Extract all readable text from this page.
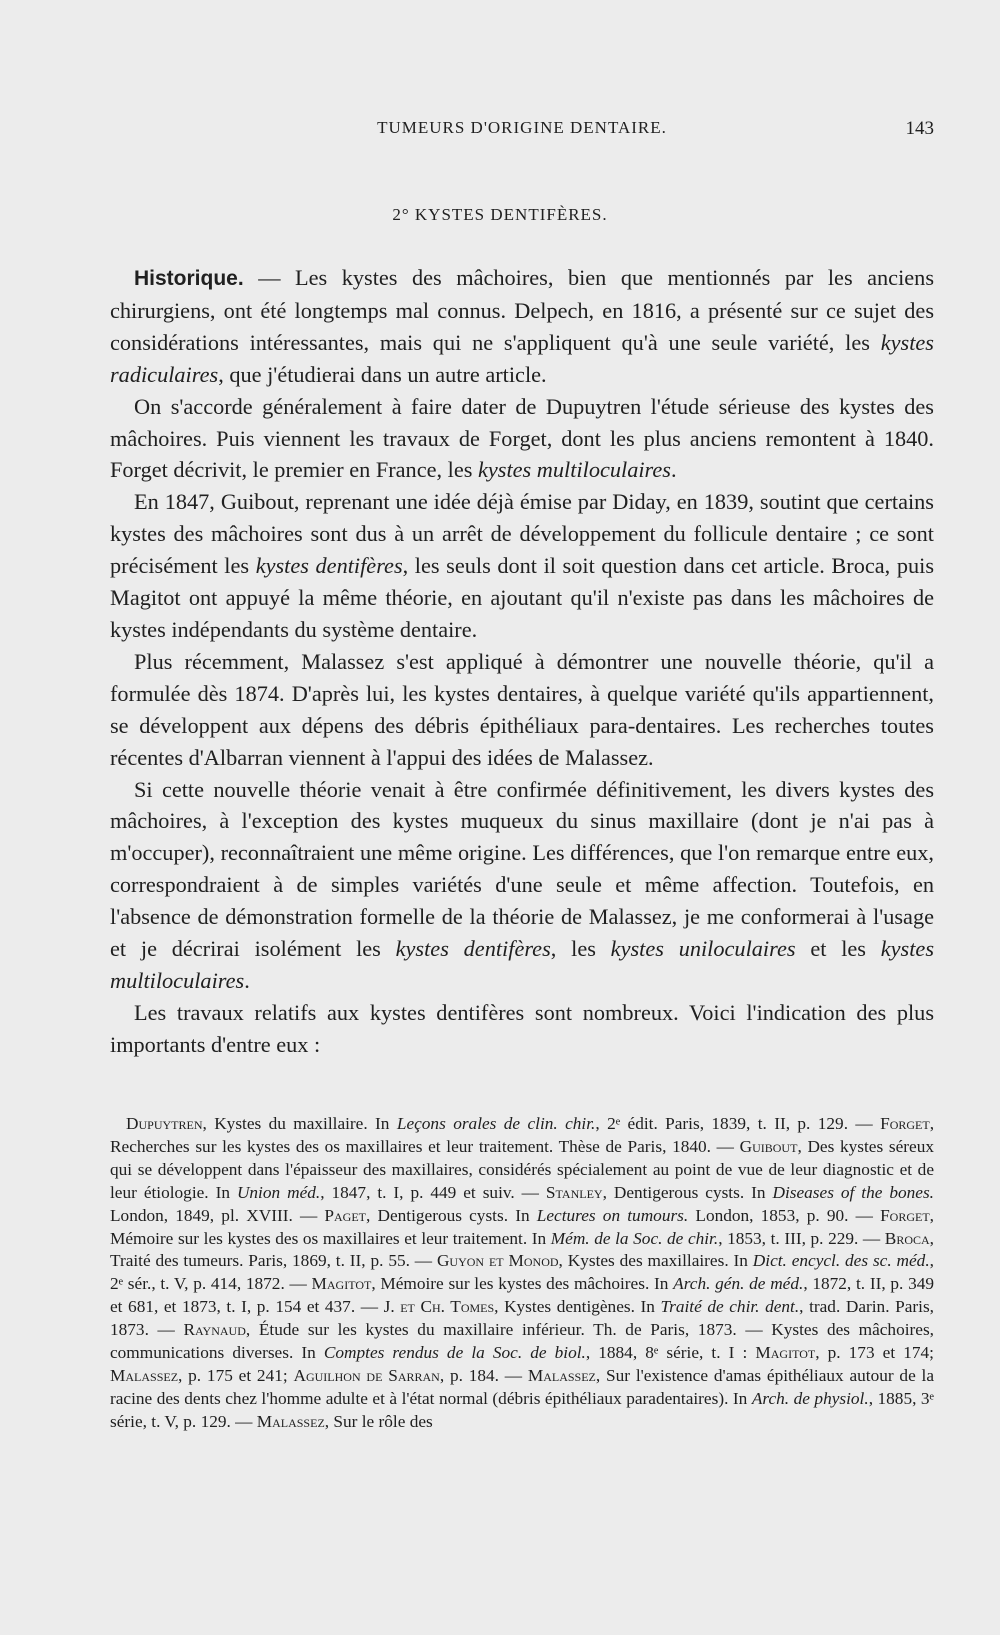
TUMEURS D'ORIGINE DENTAIRE.	143
2° KYSTES DENTIFÈRES.

Historique. — Les kystes des mâchoires, bien que mentionnés par les anciens chirurgiens, ont été longtemps mal connus. Delpech, en 1816, a présenté sur ce sujet des considérations intéressantes, mais qui ne s'appliquent qu'à une seule variété, les kystes radiculaires, que j'étudierai dans un autre article.

On s'accorde généralement à faire dater de Dupuytren l'étude sérieuse des kystes des mâchoires. Puis viennent les travaux de Forget, dont les plus anciens remontent à 1840. Forget décrivit, le premier en France, les kystes multiloculaires.

En 1847, Guibout, reprenant une idée déjà émise par Diday, en 1839, soutint que certains kystes des mâchoires sont dus à un arrêt de développement du follicule dentaire ; ce sont précisément les kystes dentifères, les seuls dont il soit question dans cet article. Broca, puis Magitot ont appuyé la même théorie, en ajoutant qu'il n'existe pas dans les mâchoires de kystes indépendants du système dentaire.

Plus récemment, Malassez s'est appliqué à démontrer une nouvelle théorie, qu'il a formulée dès 1874. D'après lui, les kystes dentaires, à quelque variété qu'ils appartiennent, se développent aux dépens des débris épithéliaux para-dentaires. Les recherches toutes récentes d'Albarran viennent à l'appui des idées de Malassez.

Si cette nouvelle théorie venait à être confirmée définitivement, les divers kystes des mâchoires, à l'exception des kystes muqueux du sinus maxillaire (dont je n'ai pas à m'occuper), reconnaîtraient une même origine. Les différences, que l'on remarque entre eux, correspondraient à de simples variétés d'une seule et même affection. Toutefois, en l'absence de démonstration formelle de la théorie de Malassez, je me conformerai à l'usage et je décrirai isolément les kystes dentifères, les kystes uniloculaires et les kystes multiloculaires.

Les travaux relatifs aux kystes dentifères sont nombreux. Voici l'indication des plus importants d'entre eux :

Dupuytren, Kystes du maxillaire. In Leçons orales de clin. chir., 2ᵉ édit. Paris, 1839, t. II, p. 129. — Forget, Recherches sur les kystes des os maxillaires et leur traitement. Thèse de Paris, 1840. — Guibout, Des kystes séreux qui se développent dans l'épaisseur des maxillaires, considérés spécialement au point de vue de leur diagnostic et de leur étiologie. In Union méd., 1847, t. I, p. 449 et suiv. — Stanley, Dentigerous cysts. In Diseases of the bones. London, 1849, pl. XVIII. — Paget, Dentigerous cysts. In Lectures on tumours. London, 1853, p. 90. — Forget, Mémoire sur les kystes des os maxillaires et leur traitement. In Mém. de la Soc. de chir., 1853, t. III, p. 229. — Broca, Traité des tumeurs. Paris, 1869, t. II, p. 55. — Guyon et Monod, Kystes des maxillaires. In Dict. encycl. des sc. méd., 2ᵉ sér., t. V, p. 414, 1872. — Magitot, Mémoire sur les kystes des mâchoires. In Arch. gén. de méd., 1872, t. II, p. 349 et 681, et 1873, t. I, p. 154 et 437. — J. et Ch. Tomes, Kystes dentigènes. In Traité de chir. dent., trad. Darin. Paris, 1873. — Raynaud, Étude sur les kystes du maxillaire inférieur. Th. de Paris, 1873. — Kystes des mâchoires, communications diverses. In Comptes rendus de la Soc. de biol., 1884, 8ᵉ série, t. I : Magitot, p. 173 et 174; Malassez, p. 175 et 241; Aguilhon de Sarran, p. 184. — Malassez, Sur l'existence d'amas épithéliaux autour de la racine des dents chez l'homme adulte et à l'état normal (débris épithéliaux paradentaires). In Arch. de physiol., 1885, 3ᵉ série, t. V, p. 129. — Malassez, Sur le rôle des
